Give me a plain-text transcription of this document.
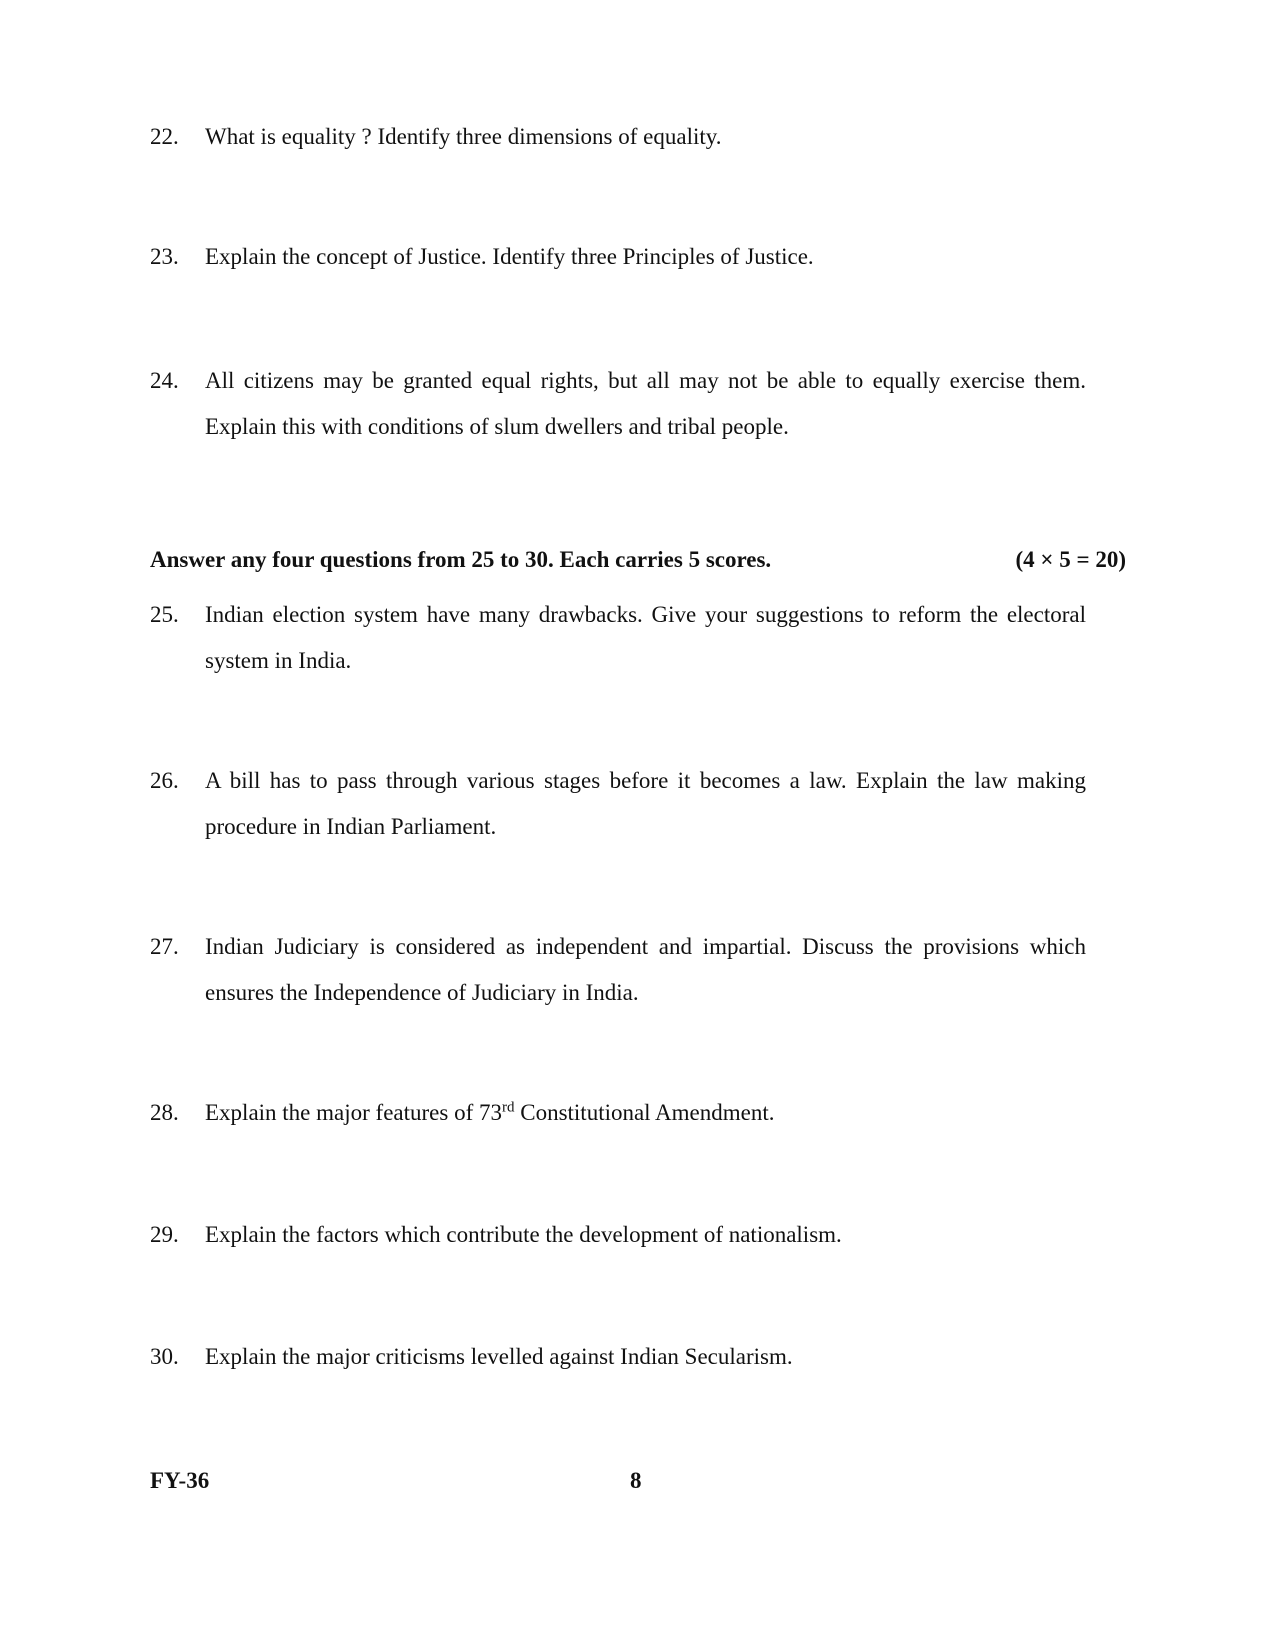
22. What is equality ? Identify three dimensions of equality.
23. Explain the concept of Justice. Identify three Principles of Justice.
24. All citizens may be granted equal rights, but all may not be able to equally exercise them. Explain this with conditions of slum dwellers and tribal people.
Answer any four questions from 25 to 30. Each carries 5 scores.	(4 × 5 = 20)
25. Indian election system have many drawbacks. Give your suggestions to reform the electoral system in India.
26. A bill has to pass through various stages before it becomes a law. Explain the law making procedure in Indian Parliament.
27. Indian Judiciary is considered as independent and impartial. Discuss the provisions which ensures the Independence of Judiciary in India.
28. Explain the major features of 73rd Constitutional Amendment.
29. Explain the factors which contribute the development of nationalism.
30. Explain the major criticisms levelled against Indian Secularism.
FY-36	8
